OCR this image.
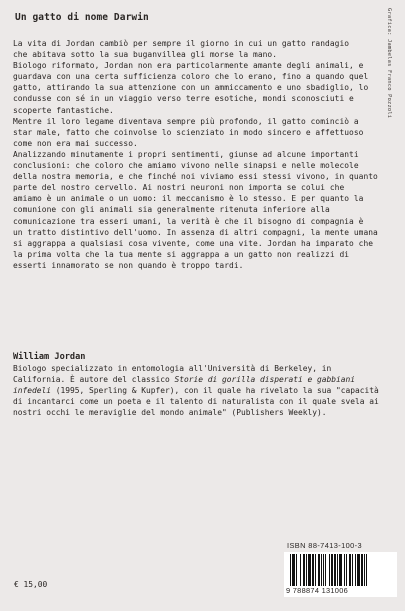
Grafica: Jambelas Franco Pozzoli
Un gatto di nome Darwin

La vita di Jordan cambiò per sempre il giorno in cui un gatto randagio

che abitava sotto la sua buganvillea gli morse la mano.

Biologo riformato, Jordan non era particolarmente amante degli animali, e

guardava con una certa sufficienza coloro che lo erano, fino a quando quel

gatto, attirando la sua attenzione con un ammiccamento e uno sbadiglio, lo

condusse con sé in un viaggio verso terre esotiche, mondi sconosciuti e

scoperte fantastiche.

Mentre il loro legame diventava sempre più profondo, il gatto cominciò a

star male, fatto che coinvolse lo scienziato in modo sincero e affettuoso

come non era mai successo.

Analizzando minutamente i propri sentimenti, giunse ad alcune importanti

conclusioni: che coloro che amiamo vivono nelle sinapsi e nelle molecole

della nostra memoria, e che finché noi viviamo essi stessi vivono, in quanto

parte del nostro cervello. Ai nostri neuroni non importa se colui che

amiamo è un animale o un uomo: il meccanismo è lo stesso. E per quanto la

comunione con gli animali sia generalmente ritenuta inferiore alla

comunicazione tra esseri umani, la verità è che il bisogno di compagnia è

un tratto distintivo dell'uomo. In assenza di altri compagni, la mente umana

si aggrappa a qualsiasi cosa vivente, come una vite. Jordan ha imparato che

la prima volta che la tua mente si aggrappa a un gatto non realizzi di

esserti innamorato se non quando è troppo tardi.

William Jordan

Biologo specializzato in entomologia all'Università di Berkeley, in

California. È autore del classico Storie di gorilla disperati e gabbiani

infedeli (1995, Sperling & Kupfer), con il quale ha rivelato la sua "capacità

di incantarci come un poeta e il talento di naturalista con il quale svela ai

nostri occhi le meraviglie del mondo animale" (Publishers Weekly).

ISBN 88-7413-100-3
9 788874 131006
€ 15,00
